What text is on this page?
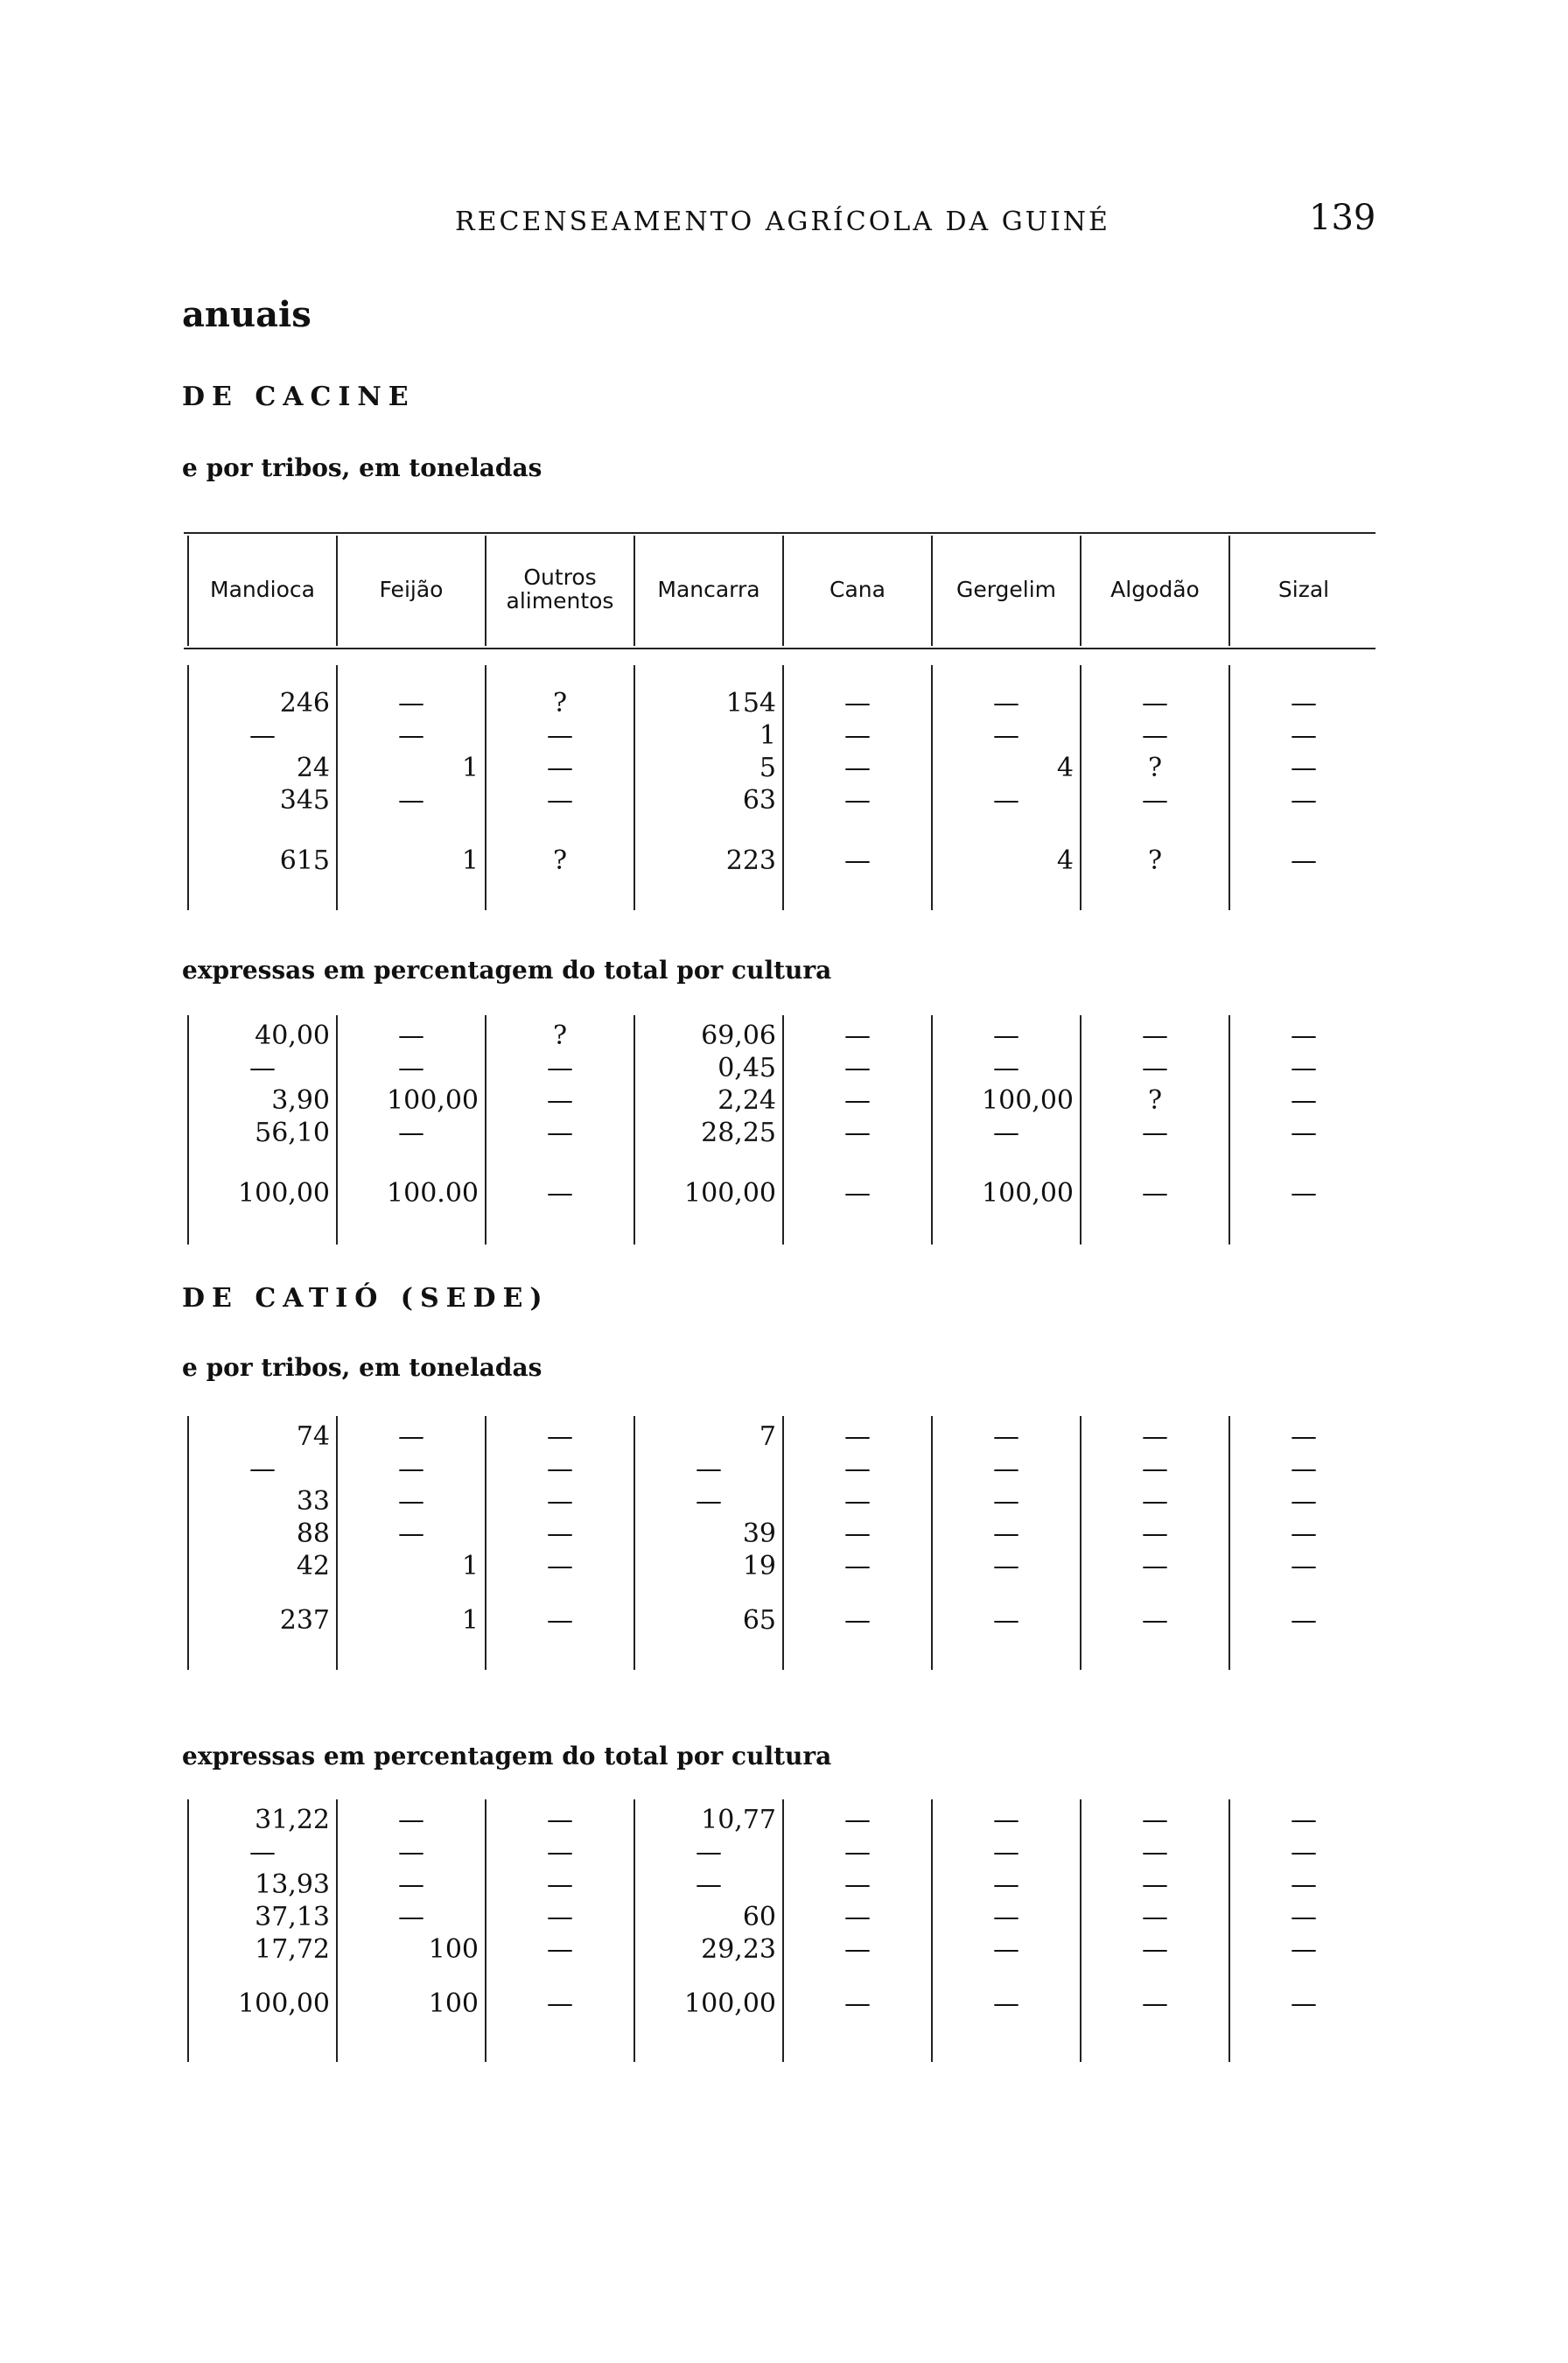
RECENSEAMENTO AGRÍCOLA DA GUINÉ	139
anuais
DE CACINE
e por tribos, em toneladas
Mandioca	Feijão	Outros
alimentos	Mancarra	Cana	Gergelim	Algodão	Sizal
expressas em percentagem do total por cultura
DE CATIÓ (SEDE)
e por tribos, em toneladas
expressas em percentagem do total por cultura
246	—	?	154	—	—	—	—
—	—	—	1	—	—	—	—
24	1	—	5	—	4	?	—
345	—	—	63	—	—	—	—
615	1	?	223	—	4	?	—
40,00	—	?	69,06	—	—	—	—
—	—	—	0,45	—	—	—	—
3,90	100,00	—	2,24	—	100,00	?	—
56,10	—	—	28,25	—	—	—	—
100,00	100.00	—	100,00	—	100,00	—	—
74	—	—	7	—	—	—	—
—	—	—	—	—	—	—	—
33	—	—	—	—	—	—	—
88	—	—	39	—	—	—	—
42	1	—	19	—	—	—	—
237	1	—	65	—	—	—	—
31,22	—	—	10,77	—	—	—	—
—	—	—	—	—	—	—	—
13,93	—	—	—	—	—	—	—
37,13	—	—	60	—	—	—	—
17,72	100	—	29,23	—	—	—	—
100,00	100	—	100,00	—	—	—	—
